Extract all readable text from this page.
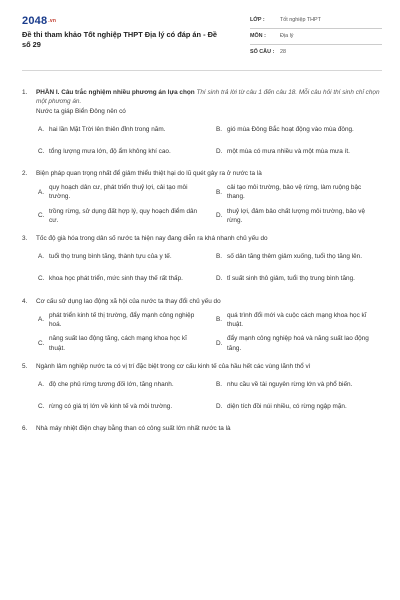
2048.vn
Đề thi tham khảo Tốt nghiệp THPT Địa lý có đáp án - Đề số 29
LỚP :	Tốt nghiệp THPT
MÔN :	Địa lý
SỐ CÂU :	28
1.	PHẦN I. Câu trắc nghiệm nhiều phương án lựa chọn Thí sinh trả lời từ câu 1 đến câu 18. Mỗi câu hỏi thí sinh chỉ chọn một phương án.
Nước ta giáp Biển Đông nên có
A. hai lần Mặt Trời lên thiên đỉnh trong năm.	B. gió mùa Đông Bắc hoạt động vào mùa đông.
C. tổng lượng mưa lớn, độ ẩm không khí cao.	D. một mùa có mưa nhiều và một mùa mưa ít.
2.	Biện pháp quan trọng nhất để giảm thiểu thiệt hại do lũ quét gây ra ở nước ta là
A.
quy hoạch dân cư, phát triển thuỷ lợi, cải tạo môi trường.
B.
cải tạo môi trường, bảo vệ rừng, làm ruộng bậc thang.
C.
trồng rừng, sử dụng đất hợp lý, quy hoạch điểm dân cư.
D.
thuỷ lợi, đảm bảo chất lượng môi trường, bảo vệ rừng.
3.	Tốc độ già hóa trong dân số nước ta hiện nay đang diễn ra khá nhanh chủ yếu do
A. tuổi thọ trung bình tăng, thành tựu của y tế.	B. số dân tăng thêm giảm xuống, tuổi thọ tăng lên.
C. khoa học phát triển, mức sinh thay thế rất thấp.	D. tỉ suất sinh thô giảm, tuổi thọ trung bình tăng.
4.	Cơ cấu sử dụng lao động xã hội của nước ta thay đổi chủ yếu do
A.
phát triển kinh tế thị trường, đẩy mạnh công nghiệp hoá.
B.
quá trình đổi mới và cuộc cách mạng khoa học kĩ thuật.
C.
năng suất lao động tăng, cách mạng khoa học kĩ thuật.
D.
đẩy mạnh công nghiệp hoá và năng suất lao động tăng.
5.	Ngành lâm nghiệp nước ta có vị trí đặc biệt trong cơ cấu kinh tế của hầu hết các vùng lãnh thổ vì
A. độ che phủ rừng tương đối lớn, tăng nhanh.	B. nhu cầu về tài nguyên rừng lớn và phổ biến.
C. rừng có giá trị lớn về kinh tế và môi trường.	D. diện tích đồi núi nhiều, có rừng ngập mặn.
6.	Nhà máy nhiệt điện chạy bằng than có công suất lớn nhất nước ta là
